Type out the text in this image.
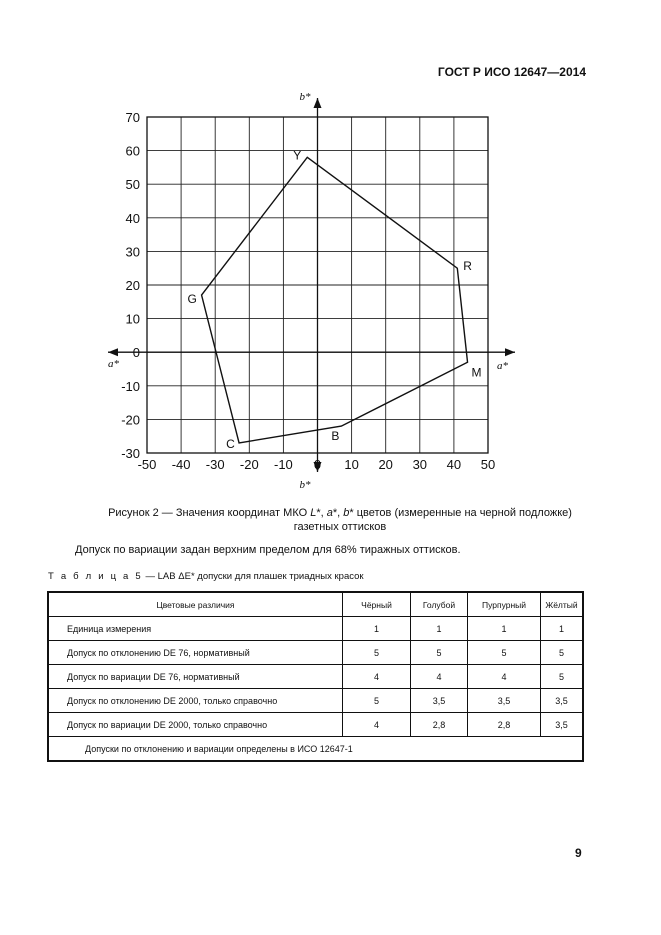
ГОСТ Р ИСО 12647—2014
70
60
50
40
30
20
10
0
-10
-20
-30
-50 -40 -30 -20 -10 0 10 20 30 40 50
b*
a*	a*
b*
Y
R
M
B
C
G
Рисунок 2 — Значения координат МКО L*, a*, b* цветов (измеренные на черной подложке)
газетных оттисков
Допуск по вариации задан верхним пределом для 68% тиражных оттисков.
Т а б л и ц а 5 — LAB ΔE* допуски для плашек триадных красок
Цветовые различия	Чёрный	Голубой	Пурпурный	Жёлтый
Единица измерения	1	1	1	1
Допуск по отклонению DE 76, нормативный	5	5	5	5
Допуск по вариации DE 76, нормативный	4	4	4	5
Допуск по отклонению DE 2000, только справочно	5	3,5	3,5	3,5
Допуск по вариации DE 2000, только справочно	4	2,8	2,8	3,5
Допуски по отклонению и вариации определены в ИСО 12647-1				
9
